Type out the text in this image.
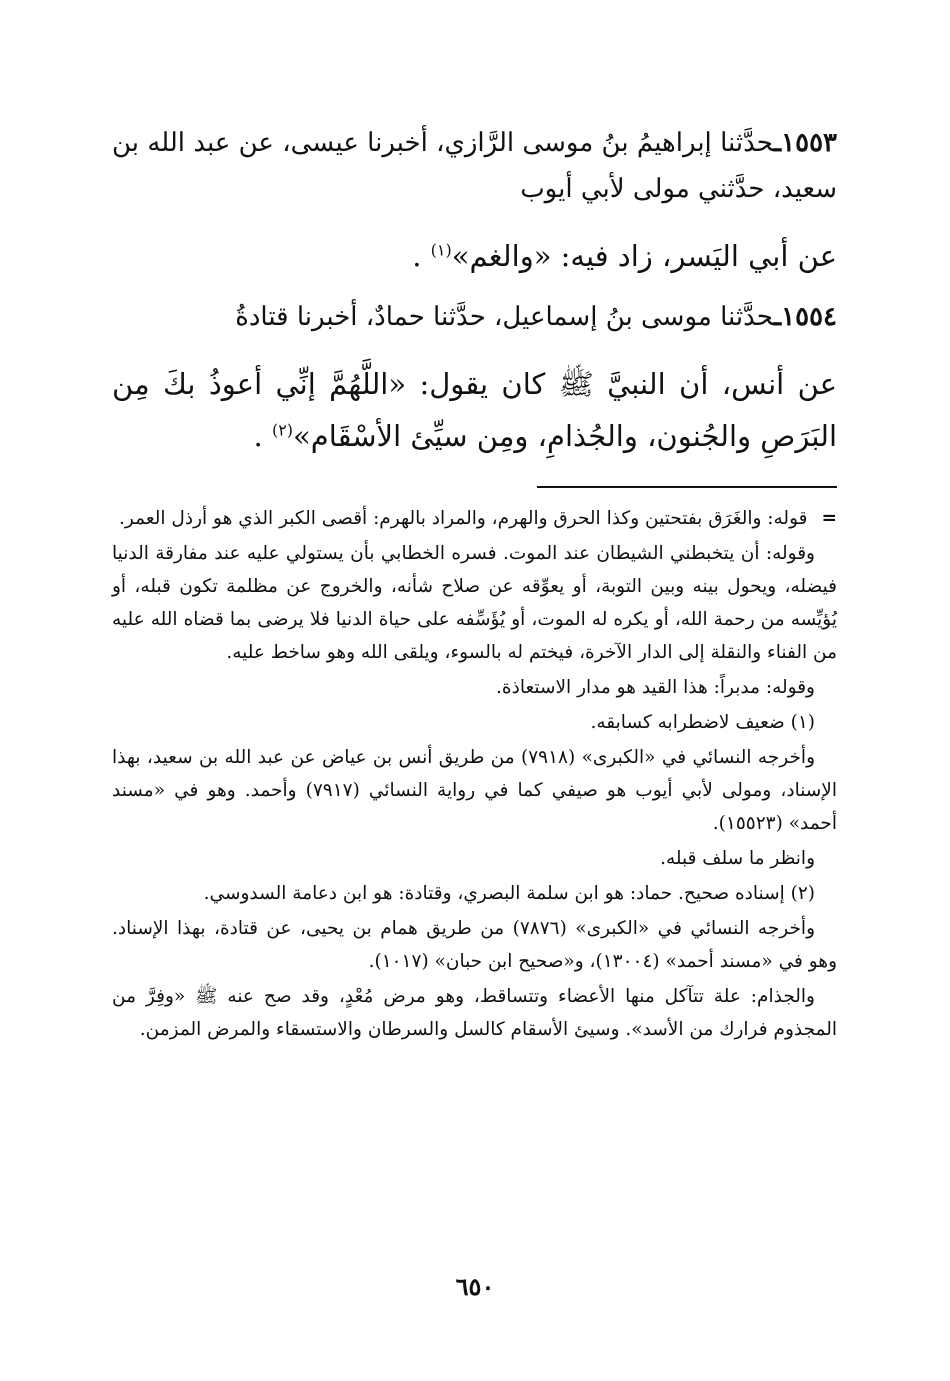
١٥٥٣ـحدَّثنا إبراهيمُ بنُ موسى الرَّازي، أخبرنا عيسى، عن عبد الله بن سعيد، حدَّثني مولى لأبي أيوب

عن أبي اليَسر، زاد فيه: «والغم»$^{(١)}$ .

١٥٥٤ـحدَّثنا موسى بنُ إسماعيل، حدَّثنا حمادٌ، أخبرنا قتادةُ

عن أنس، أن النبيَّ ﷺ كان يقول: «اللَّهُمَّ إنِّي أعوذُ بكَ مِن البَرَصِ والجُنون، والجُذامِ، ومِن سيِّئ الأسْقَام»$^{(٢)}$ .

=قوله: والغَرَق بفتحتين وكذا الحرق والهرم، والمراد بالهرم: أقصى الكبر الذي هو أرذل العمر.

وقوله: أن يتخبطني الشيطان عند الموت. فسره الخطابي بأن يستولي عليه عند مفارقة الدنيا فيضله، ويحول بينه وبين التوبة، أو يعوِّقه عن صلاح شأنه، والخروج عن مظلمة تكون قبله، أو يُؤيِّسه من رحمة الله، أو يكره له الموت، أو يُؤَسِّفه على حياة الدنيا فلا يرضى بما قضاه الله عليه من الفناء والنقلة إلى الدار الآخرة، فيختم له بالسوء، ويلقى الله وهو ساخط عليه.

وقوله: مدبراً: هذا القيد هو مدار الاستعاذة.

(١) ضعيف لاضطرابه كسابقه.

وأخرجه النسائي في «الكبرى» (٧٩١٨) من طريق أنس بن عياض عن عبد الله بن سعيد، بهذا الإسناد، ومولى لأبي أيوب هو صيفي كما في رواية النسائي (٧٩١٧) وأحمد. وهو في «مسند أحمد» (١٥٥٢٣).

وانظر ما سلف قبله.

(٢) إسناده صحيح. حماد: هو ابن سلمة البصري، وقتادة: هو ابن دعامة السدوسي.

وأخرجه النسائي في «الكبرى» (٧٨٧٦) من طريق همام بن يحيى، عن قتادة، بهذا الإسناد. وهو في «مسند أحمد» (١٣٠٠٤)، و«صحيح ابن حبان» (١٠١٧).

والجذام: علة تتآكل منها الأعضاء وتتساقط، وهو مرض مُعْدٍ، وقد صح عنه ﷺ «وفِرَّ من المجذوم فرارك من الأسد». وسيئ الأسقام كالسل والسرطان والاستسقاء والمرض المزمن.

٦٥٠
